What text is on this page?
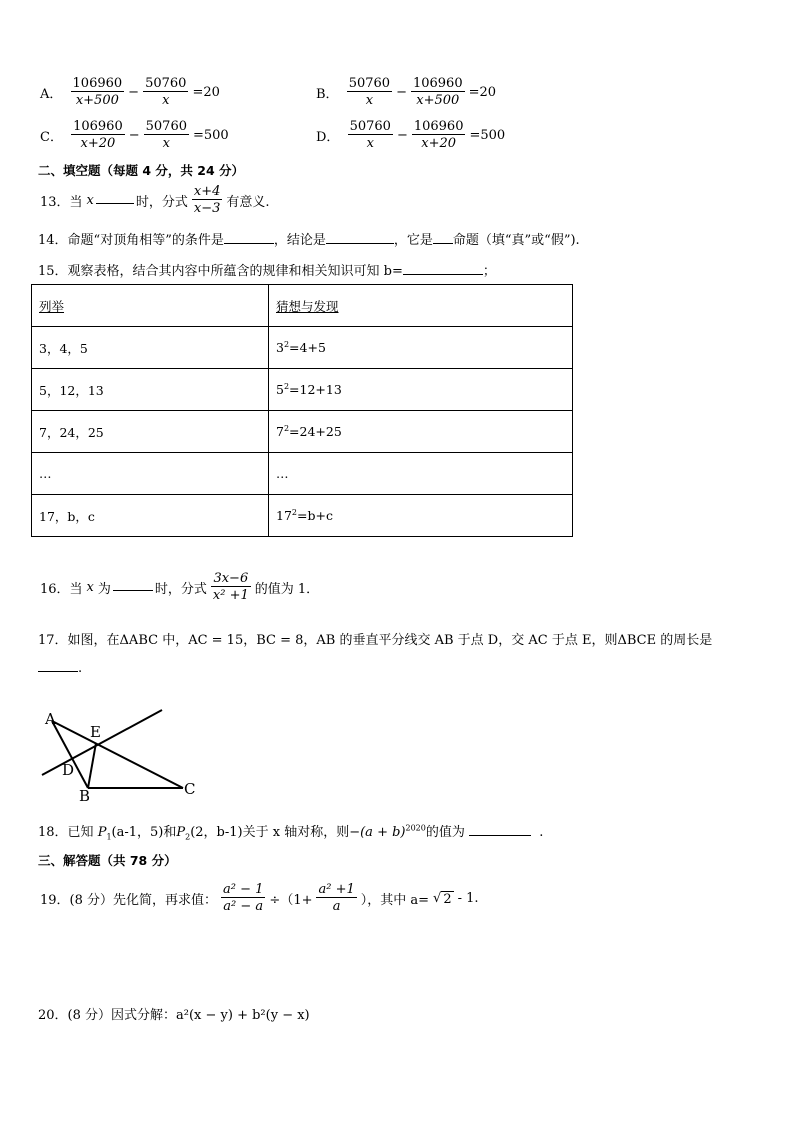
A． $\frac{106960}{x+500} - \frac{50760}{x} =20$	B． $\frac{50760}{x} - \frac{106960}{x+500} =20$
C． $\frac{106960}{x+20} - \frac{50760}{x} =500$	D． $\frac{50760}{x} - \frac{106960}{x+20} =500$
二、填空题（每题 4 分，共 24 分）
13．当 x	时，分式 $\frac{x+4}{x-3}$ 有意义.
14．命题“对顶角相等”的条件是	，结论是	，它是 命题（填“真”或“假”).
15．观察表格，结合其内容中所蕴含的规律和相关知识可知 b=	；
列举	猜想与发现
3，4，5	$3^2=4+5$
5，12，13	$5^2=12+13$
7，24，25	$7^2=24+25$
…	…
17，b，c	$17^2=b+c$
16．当 x 为	时，分式 $\frac{3x-6}{\text{x² +1}}$ 的值为 1．
17．如图，在ΔABC 中，AC = 15，BC = 8，AB 的垂直平分线交 AB 于点 D，交 AC 于点 E，则ΔBCE 的周长是
.
A
E
D
B	C
18．已知 $P_1(a-1$，5)和$P_2(2$，b-1)关于 x 轴对称，则$-(a + b)^{2020}$的值为	.
三、解答题（共 78 分）
19．(8 分）先化简，再求值： $\frac{\text{a² − 1}}{\text{a² − a}} \div(1+ \frac{\text{a² +1}}{a}$ ），其中 a= √ 2- 1.
20．(8 分）因式分解：a²(x − y) + b²(y − x)
